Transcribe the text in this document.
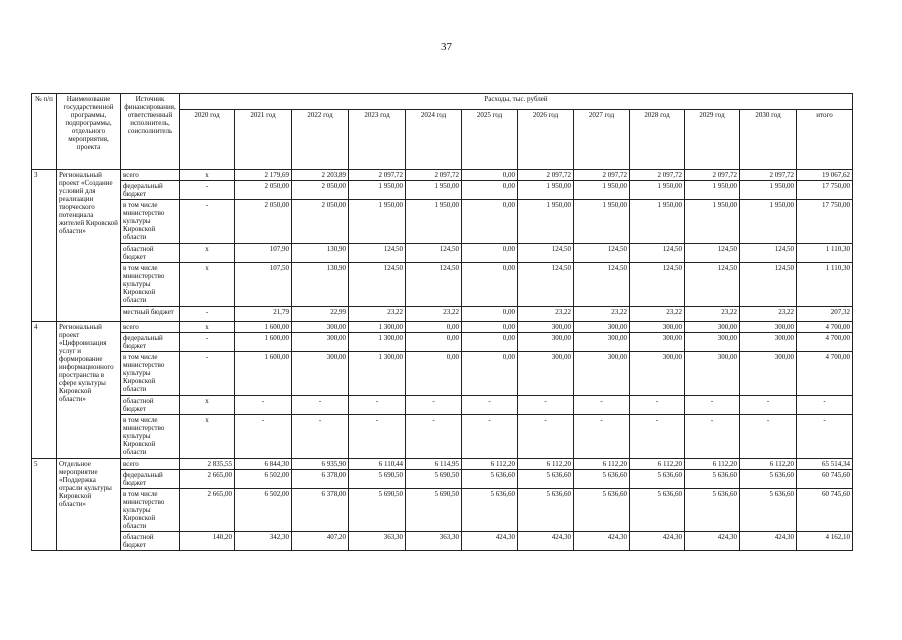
37
№ п/п	Наименование государственной программы, подпрограммы, отдельного мероприятия, проекта	Источник финансирования, ответственный исполнитель, соисполнитель	Расходы, тыс. рублей											
			2020 год	2021 год	2022 год	2023 год	2024 год	2025 год	2026 год	2027 год	2028 год	2029 год	2030 год	итого
3	Региональный проект «Создание условий для реализации творческого потенциала жителей Кировской области»	всего	х	2 179,69	2 203,89	2 097,72	2 097,72	0,00	2 097,72	2 097,72	2 097,72	2 097,72	2 097,72	19 067,62
		федеральный бюджет	-	2 050,00	2 050,00	1 950,00	1 950,00	0,00	1 950,00	1 950,00	1 950,00	1 950,00	1 950,00	17 750,00
		в том числе министерство культуры Кировской области	-	2 050,00	2 050,00	1 950,00	1 950,00	0,00	1 950,00	1 950,00	1 950,00	1 950,00	1 950,00	17 750,00
		областной бюджет	х	107,90	130,90	124,50	124,50	0,00	124,50	124,50	124,50	124,50	124,50	1 110,30
		в том числе министерство культуры Кировской области	х	107,50	130,90	124,50	124,50	0,00	124,50	124,50	124,50	124,50	124,50	1 110,30
		местный бюджет	-	21,79	22,99	23,22	23,22	0,00	23,22	23,22	23,22	23,22	23,22	207,32
4	Региональный проект «Цифровизация услуг и формирование информационного пространства в сфере культуры Кировской области»	всего	х	1 600,00	300,00	1 300,00	0,00	0,00	300,00	300,00	300,00	300,00	300,00	4 700,00
		федеральный бюджет	-	1 600,00	300,00	1 300,00	0,00	0,00	300,00	300,00	300,00	300,00	300,00	4 700,00
		в том числе министерство культуры Кировской области	-	1 600,00	300,00	1 300,00	0,00	0,00	300,00	300,00	300,00	300,00	300,00	4 700,00
		областной бюджет	х	-	-	-	-	-	-	-	-	-	-	-
		в том числе министерство культуры Кировской области	х	-	-	-	-	-	-	-	-	-	-	-
5	Отдельное мероприятие «Поддержка отрасли культуры Кировской области»	всего	2 835,55	6 844,30	6 935,90	6 110,44	6 114,95	6 112,20	6 112,20	6 112,20	6 112,20	6 112,20	6 112,20	65 514,34
		федеральный бюджет	2 665,00	6 502,00	6 378,00	5 690,50	5 690,50	5 636,60	5 636,60	5 636,60	5 636,60	5 636,60	5 636,60	60 745,60
		в том числе министерство культуры Кировской области	2 665,00	6 502,00	6 378,00	5 690,50	5 690,50	5 636,60	5 636,60	5 636,60	5 636,60	5 636,60	5 636,60	60 745,60
		областной бюджет	140,20	342,30	407,20	363,30	363,30	424,30	424,30	424,30	424,30	424,30	424,30	4 162,10
